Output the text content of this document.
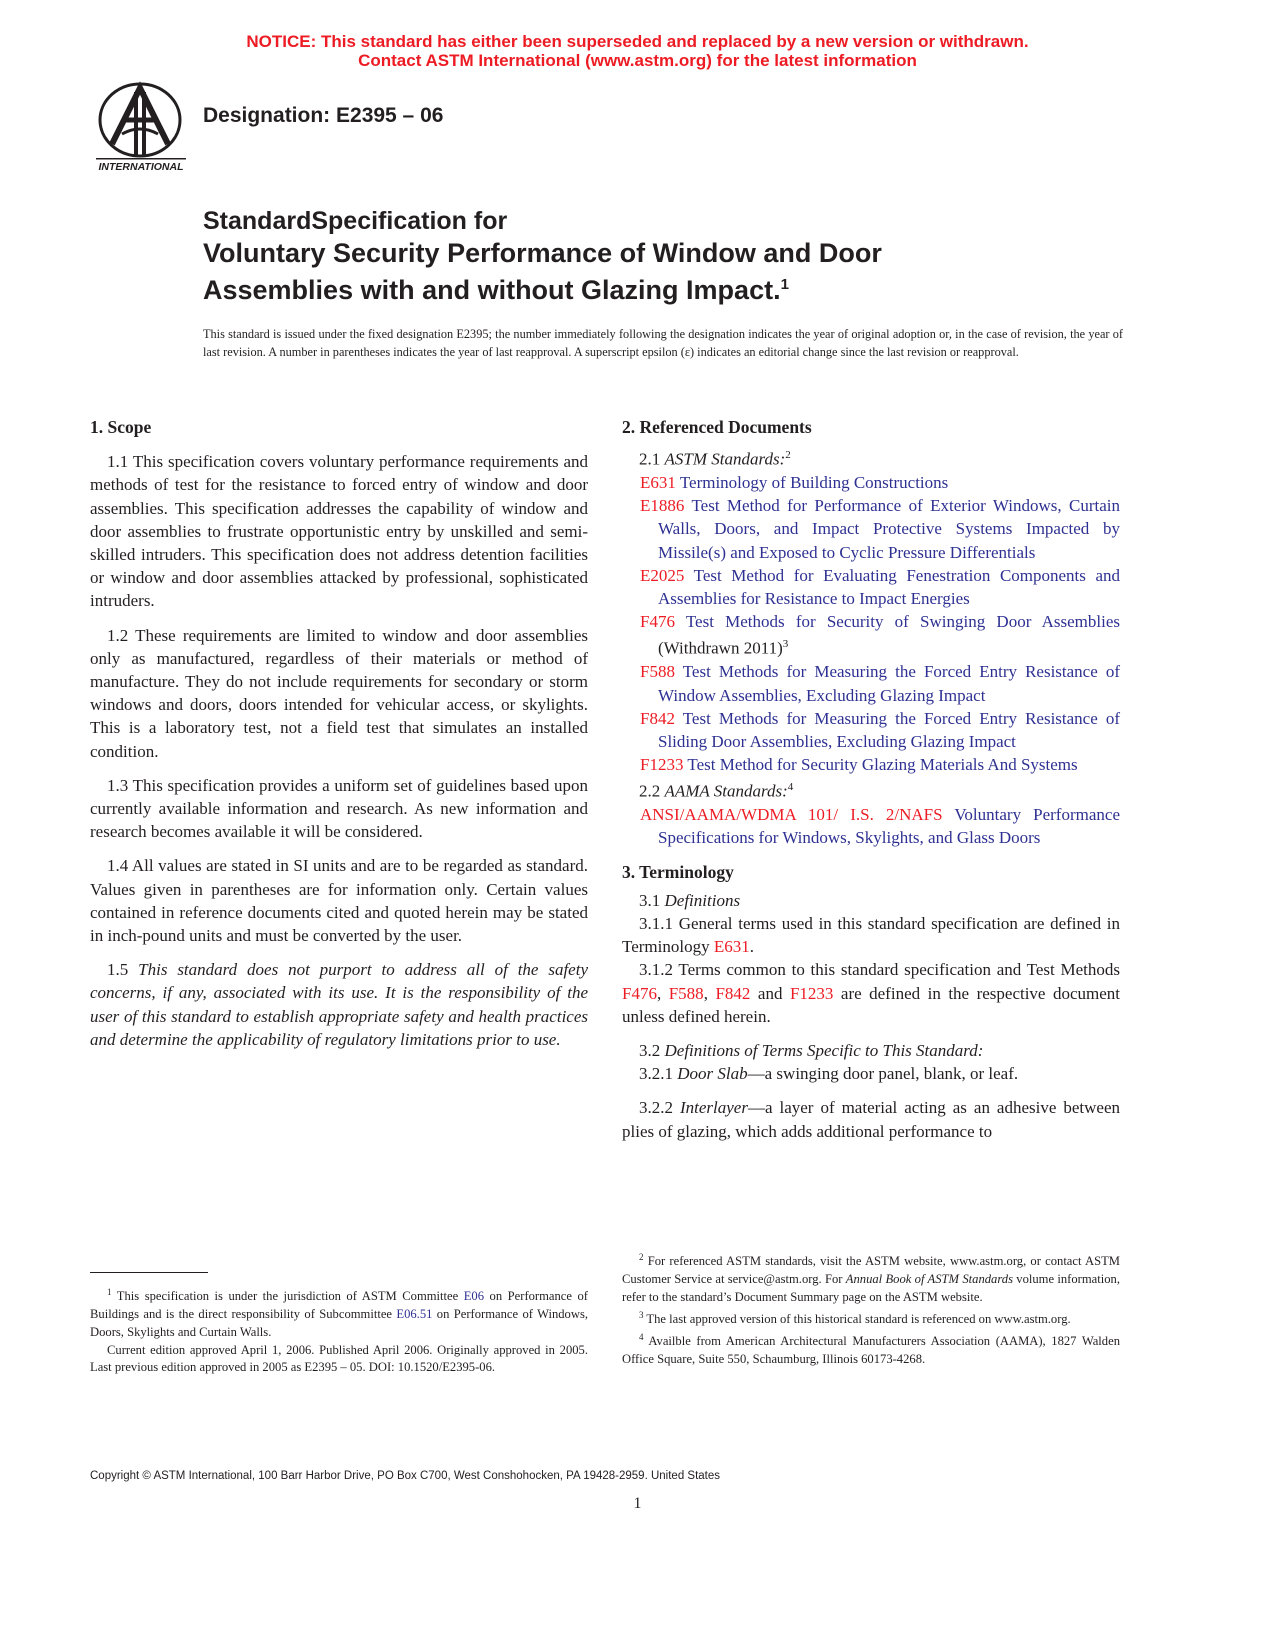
NOTICE: This standard has either been superseded and replaced by a new version or withdrawn.
Contact ASTM International (www.astm.org) for the latest information
INTERNATIONAL
Designation: E2395 – 06
StandardSpecification for
Voluntary Security Performance of Window and Door
Assemblies with and without Glazing Impact.$^1$
This standard is issued under the fixed designation E2395; the number immediately following the designation indicates the year of original adoption or, in the case of revision, the year of last revision. A number in parentheses indicates the year of last reapproval. A superscript epsilon (ε) indicates an editorial change since the last revision or reapproval.
1. Scope

1.1 This specification covers voluntary performance requirements and methods of test for the resistance to forced entry of window and door assemblies. This specification addresses the capability of window and door assemblies to frustrate opportunistic entry by unskilled and semi-skilled intruders. This specification does not address detention facilities or window and door assemblies attacked by professional, sophisticated intruders.

1.2 These requirements are limited to window and door assemblies only as manufactured, regardless of their materials or method of manufacture. They do not include requirements for secondary or storm windows and doors, doors intended for vehicular access, or skylights. This is a laboratory test, not a field test that simulates an installed condition.

1.3 This specification provides a uniform set of guidelines based upon currently available information and research. As new information and research becomes available it will be considered.

1.4 All values are stated in SI units and are to be regarded as standard. Values given in parentheses are for information only. Certain values contained in reference documents cited and quoted herein may be stated in inch-pound units and must be converted by the user.

1.5 This standard does not purport to address all of the safety concerns, if any, associated with its use. It is the responsibility of the user of this standard to establish appropriate safety and health practices and determine the applicability of regulatory limitations prior to use.

2. Referenced Documents

2.1 ASTM Standards:$^2$

E631 Terminology of Building Constructions

E1886 Test Method for Performance of Exterior Windows, Curtain Walls, Doors, and Impact Protective Systems Impacted by Missile(s) and Exposed to Cyclic Pressure Differentials

E2025 Test Method for Evaluating Fenestration Components and Assemblies for Resistance to Impact Energies

F476 Test Methods for Security of Swinging Door Assemblies (Withdrawn 2011)$^3$

F588 Test Methods for Measuring the Forced Entry Resistance of Window Assemblies, Excluding Glazing Impact

F842 Test Methods for Measuring the Forced Entry Resistance of Sliding Door Assemblies, Excluding Glazing Impact

F1233 Test Method for Security Glazing Materials And Systems

2.2 AAMA Standards:$^4$

ANSI/AAMA/WDMA 101/ I.S. 2/NAFS Voluntary Performance Specifications for Windows, Skylights, and Glass Doors

3. Terminology

3.1 Definitions

3.1.1 General terms used in this standard specification are defined in Terminology E631.

3.1.2 Terms common to this standard specification and Test Methods F476, F588, F842 and F1233 are defined in the respective document unless defined herein.

3.2 Definitions of Terms Specific to This Standard:

3.2.1 Door Slab—a swinging door panel, blank, or leaf.

3.2.2 Interlayer—a layer of material acting as an adhesive between plies of glazing, which adds additional performance to

$^1$ This specification is under the jurisdiction of ASTM Committee E06 on Performance of Buildings and is the direct responsibility of Subcommittee E06.51 on Performance of Windows, Doors, Skylights and Curtain Walls.

Current edition approved April 1, 2006. Published April 2006. Originally approved in 2005. Last previous edition approved in 2005 as E2395 – 05. DOI: 10.1520/E2395-06.

$^2$ For referenced ASTM standards, visit the ASTM website, www.astm.org, or contact ASTM Customer Service at service@astm.org. For Annual Book of ASTM Standards volume information, refer to the standard’s Document Summary page on the ASTM website.

$^3$ The last approved version of this historical standard is referenced on www.astm.org.

$^4$ Availble from American Architectural Manufacturers Association (AAMA), 1827 Walden Office Square, Suite 550, Schaumburg, Illinois 60173-4268.

Copyright © ASTM International, 100 Barr Harbor Drive, PO Box C700, West Conshohocken, PA 19428-2959. United States
1
